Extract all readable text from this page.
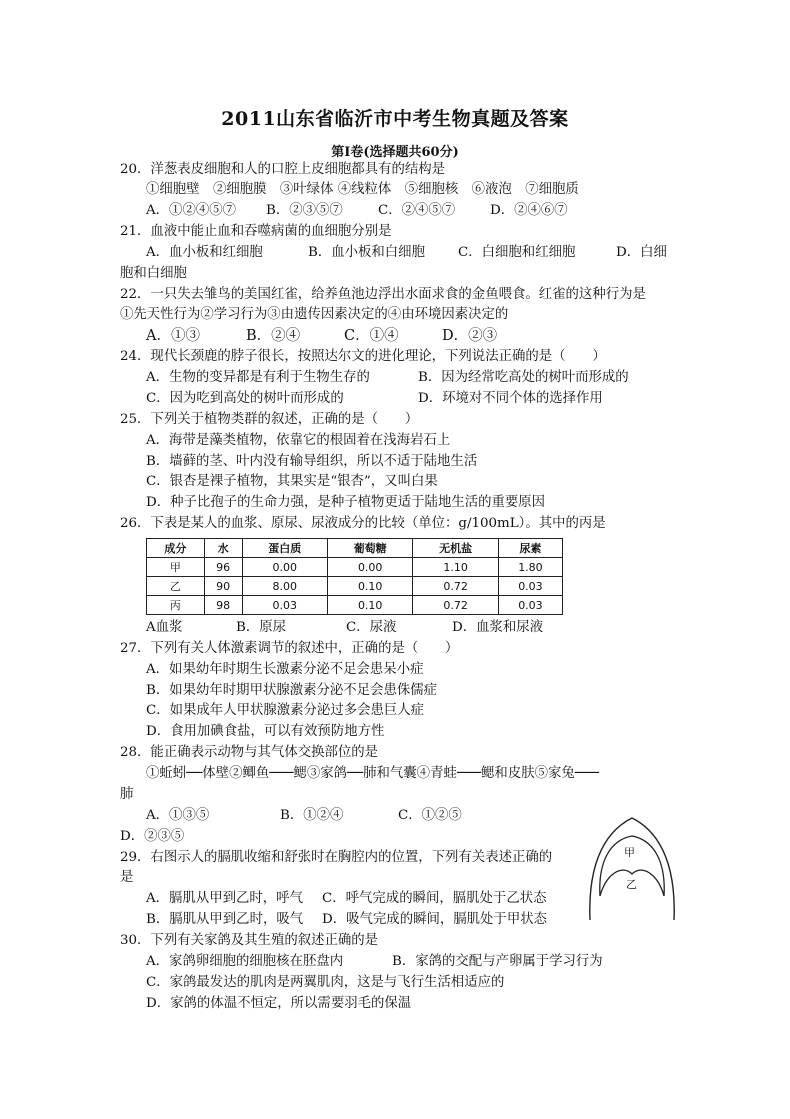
2011山东省临沂市中考生物真题及答案
第Ⅰ卷(选择题共60分)
20．洋葱表皮细胞和人的口腔上皮细胞都具有的结构是
①细胞壁　②细胞膜　③叶绿体 ④线粒体　⑤细胞核　⑥液泡　⑦细胞质
A．①②④⑤⑦ B．②③⑤⑦	C．②④⑤⑦	D．②④⑥⑦
21．血液中能止血和吞噬病菌的血细胞分别是
A．血小板和红细胞	B．血小板和白细胞 C．白细胞和红细胞	D．白细
胞和白细胞
22．一只失去雏鸟的美国红雀，给养鱼池边浮出水面求食的金鱼喂食。红雀的这种行为是
①先天性行为②学习行为③由遗传因素决定的④由环境因素决定的
A．①③	B．②④	C．①④	D．②③
24．现代长颈鹿的脖子很长，按照达尔文的进化理论，下列说法正确的是（　　）
A．生物的变异都是有利于生物生存的	B．因为经常吃高处的树叶而形成的
C．因为吃到高处的树叶而形成的	D．环境对不同个体的选择作用
25．下列关于植物类群的叙述，正确的是（　　）
A．海带是藻类植物，依靠它的根固着在浅海岩石上
B．墙藓的茎、叶内没有输导组织，所以不适于陆地生活
C．银杏是裸子植物，其果实是“银杏”，又叫白果
D．种子比孢子的生命力强，是种子植物更适于陆地生活的重要原因
26．下表是某人的血浆、原尿、尿液成分的比较（单位：g/100mL）。其中的丙是
成分	水	蛋白质	葡萄糖	无机盐	尿素
甲	96	0.00	0.00	1.10	1.80
乙	90	8.00	0.10	0.72	0.03
丙	98	0.03	0.10	0.72	0.03
A血浆	B．原尿	C．尿液	D．血浆和尿液
27．下列有关人体激素调节的叙述中，正确的是（　　）
A．如果幼年时期生长激素分泌不足会患呆小症
B．如果幼年时期甲状腺激素分泌不足会患侏儒症
C．如果成年人甲状腺激素分泌过多会患巨人症
D．食用加碘食盐，可以有效预防地方性
28．能正确表示动物与其气体交换部位的是
①蚯蚓──体壁②鲫鱼───鳃③家鸽──肺和气囊④青蛙───鳃和皮肤⑤家兔───
肺
A．①③⑤	B．①②④	C．①②⑤
D．②③⑤
29．右图示人的膈肌收缩和舒张时在胸腔内的位置，下列有关表述正确的
是
A．膈肌从甲到乙时，呼气 C．呼气完成的瞬间，膈肌处于乙状态
B．膈肌从甲到乙时，吸气 D．吸气完成的瞬间，膈肌处于甲状态
甲
乙
30．下列有关家鸽及其生殖的叙述正确的是
A．家鸽卵细胞的细胞核在胚盘内	B．家鸽的交配与产卵属于学习行为
C．家鸽最发达的肌肉是两翼肌肉，这是与飞行生活相适应的
D．家鸽的体温不恒定，所以需要羽毛的保温
